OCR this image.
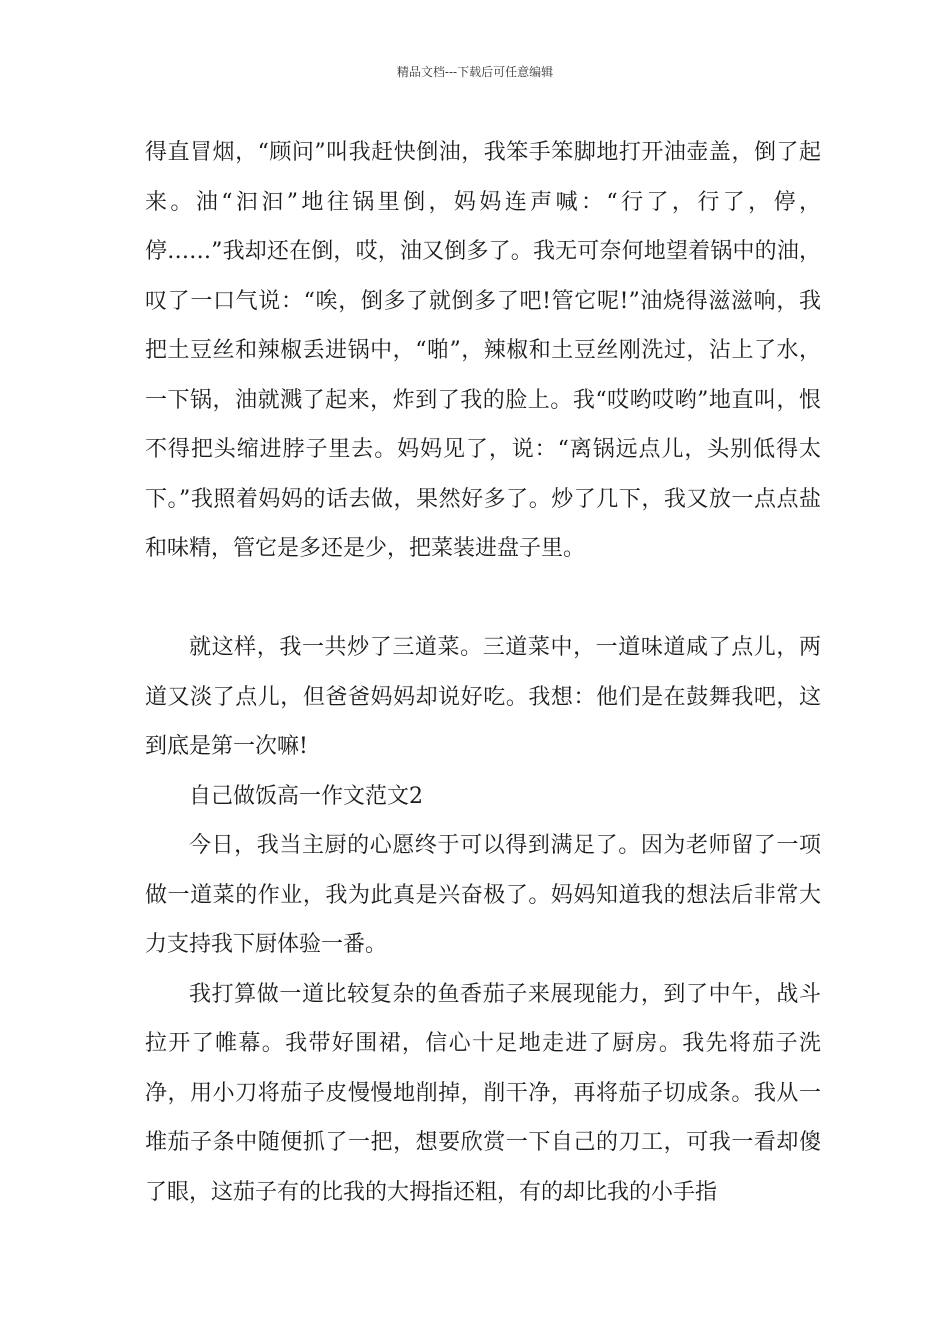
精品文档---下载后可任意编辑

得直冒烟，“顾问”叫我赶快倒油，我笨手笨脚地打开油壶盖，倒了起来。油“汩汩”地往锅里倒，妈妈连声喊：“行了，行了，停，停……”我却还在倒，哎，油又倒多了。我无可奈何地望着锅中的油，叹了一口气说：“唉，倒多了就倒多了吧!管它呢!”油烧得滋滋响，我把土豆丝和辣椒丢进锅中，“啪”，辣椒和土豆丝刚洗过，沾上了水，一下锅，油就溅了起来，炸到了我的脸上。我“哎哟哎哟”地直叫，恨不得把头缩进脖子里去。妈妈见了，说：“离锅远点儿，头别低得太下。”我照着妈妈的话去做，果然好多了。炒了几下，我又放一点点盐和味精，管它是多还是少，把菜装进盘子里。

就这样，我一共炒了三道菜。三道菜中，一道味道咸了点儿，两道又淡了点儿，但爸爸妈妈却说好吃。我想：他们是在鼓舞我吧，这到底是第一次嘛!

自己做饭高一作文范文2

今日，我当主厨的心愿终于可以得到满足了。因为老师留了一项做一道菜的作业，我为此真是兴奋极了。妈妈知道我的想法后非常大力支持我下厨体验一番。

我打算做一道比较复杂的鱼香茄子来展现能力，到了中午，战斗拉开了帷幕。我带好围裙，信心十足地走进了厨房。我先将茄子洗净，用小刀将茄子皮慢慢地削掉，削干净，再将茄子切成条。我从一堆茄子条中随便抓了一把，想要欣赏一下自己的刀工，可我一看却傻了眼，这茄子有的比我的大拇指还粗，有的却比我的小手指
